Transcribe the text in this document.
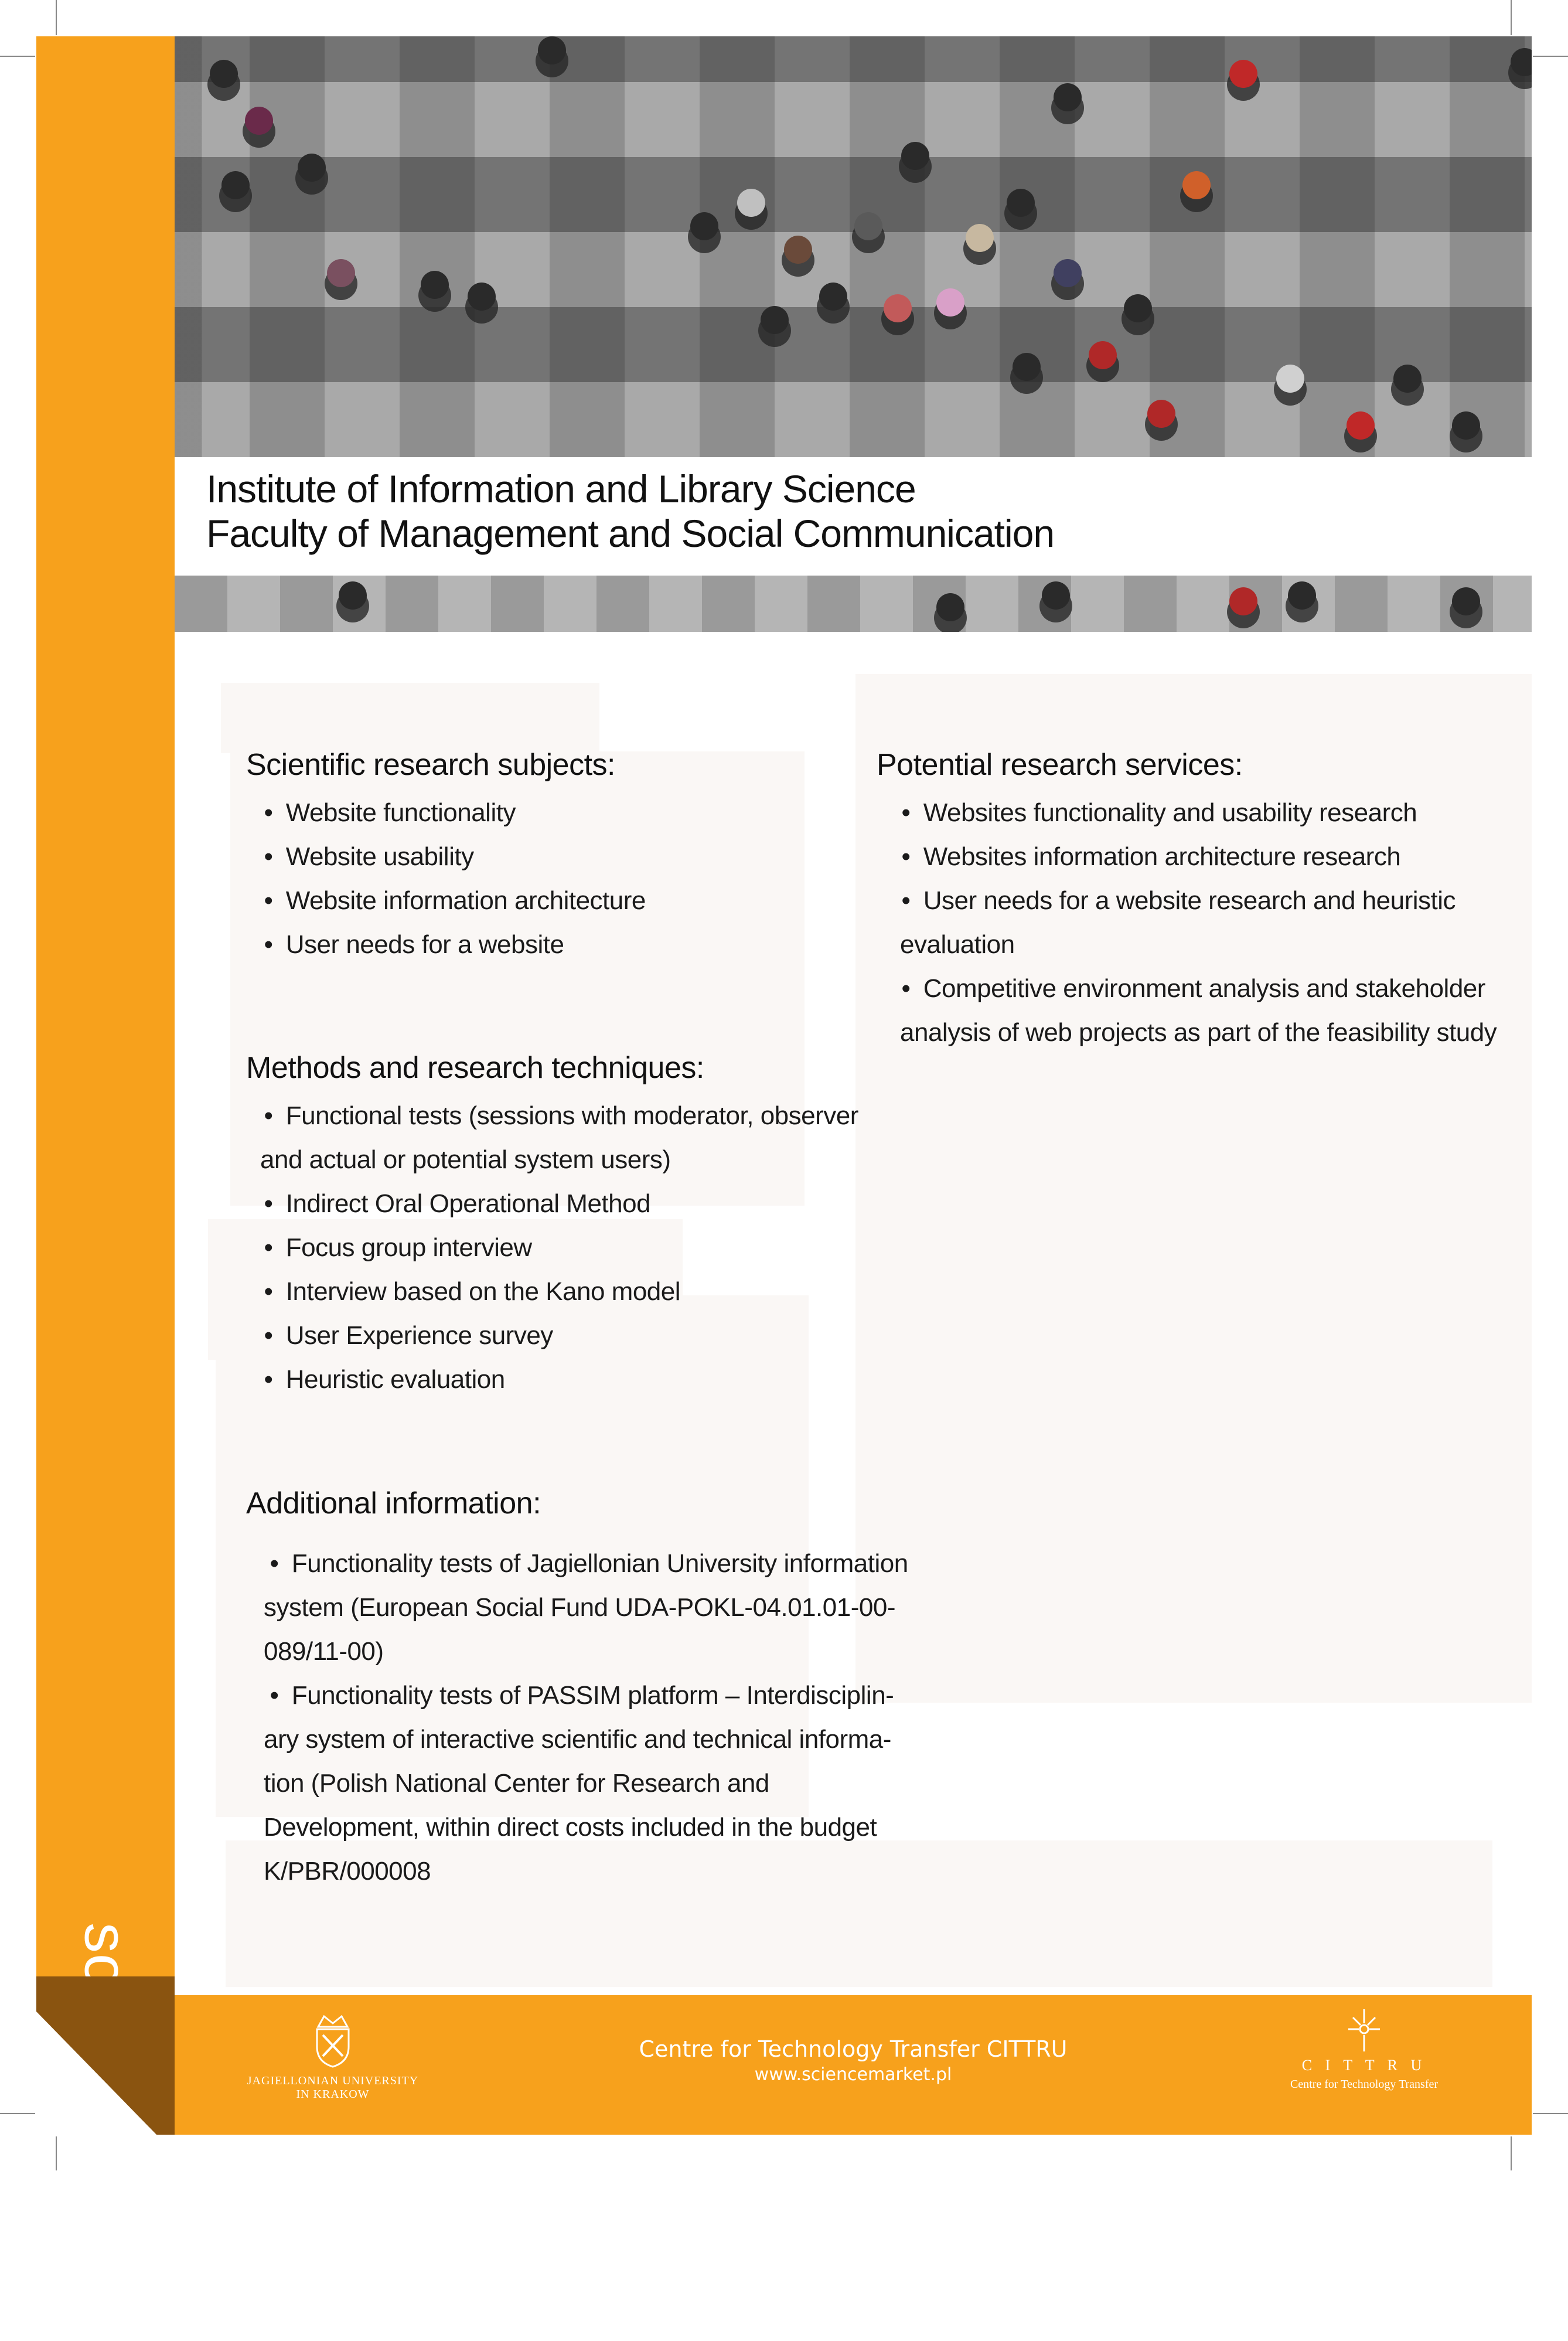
Institute of Information and Library Science
Faculty of Management and Social Communication
Scientific research subjects:
• Website functionality
• Website usability
• Website information architecture
• User needs for a website
Methods and research techniques:
• Functional tests (sessions with moderator, observer
and actual or potential system users)
• Indirect Oral Operational Method
• Focus group interview
• Interview based on the Kano model
• User Experience survey
• Heuristic evaluation
Additional information:
• Functionality tests of Jagiellonian University information
system (European Social Fund UDA-POKL-04.01.01-00-
089/11-00)
• Functionality tests of PASSIM platform – Interdisciplin-
ary system of interactive scientific and technical informa-
tion (Polish National Center for Research and
Development, within direct costs included in the budget
K/PBR/000008
Potential research services:
• Websites functionality and usability research
• Websites information architecture research
• User needs for a website research and heuristic
evaluation
• Competitive environment analysis and stakeholder
analysis of web projects as part of the feasibility study
JAGIELLONIAN UNIVERSITY
IN KRAKOW
Centre for Technology Transfer CITTRU
www.sciencemarket.pl	C I T T R U
Centre for Technology Transfer
